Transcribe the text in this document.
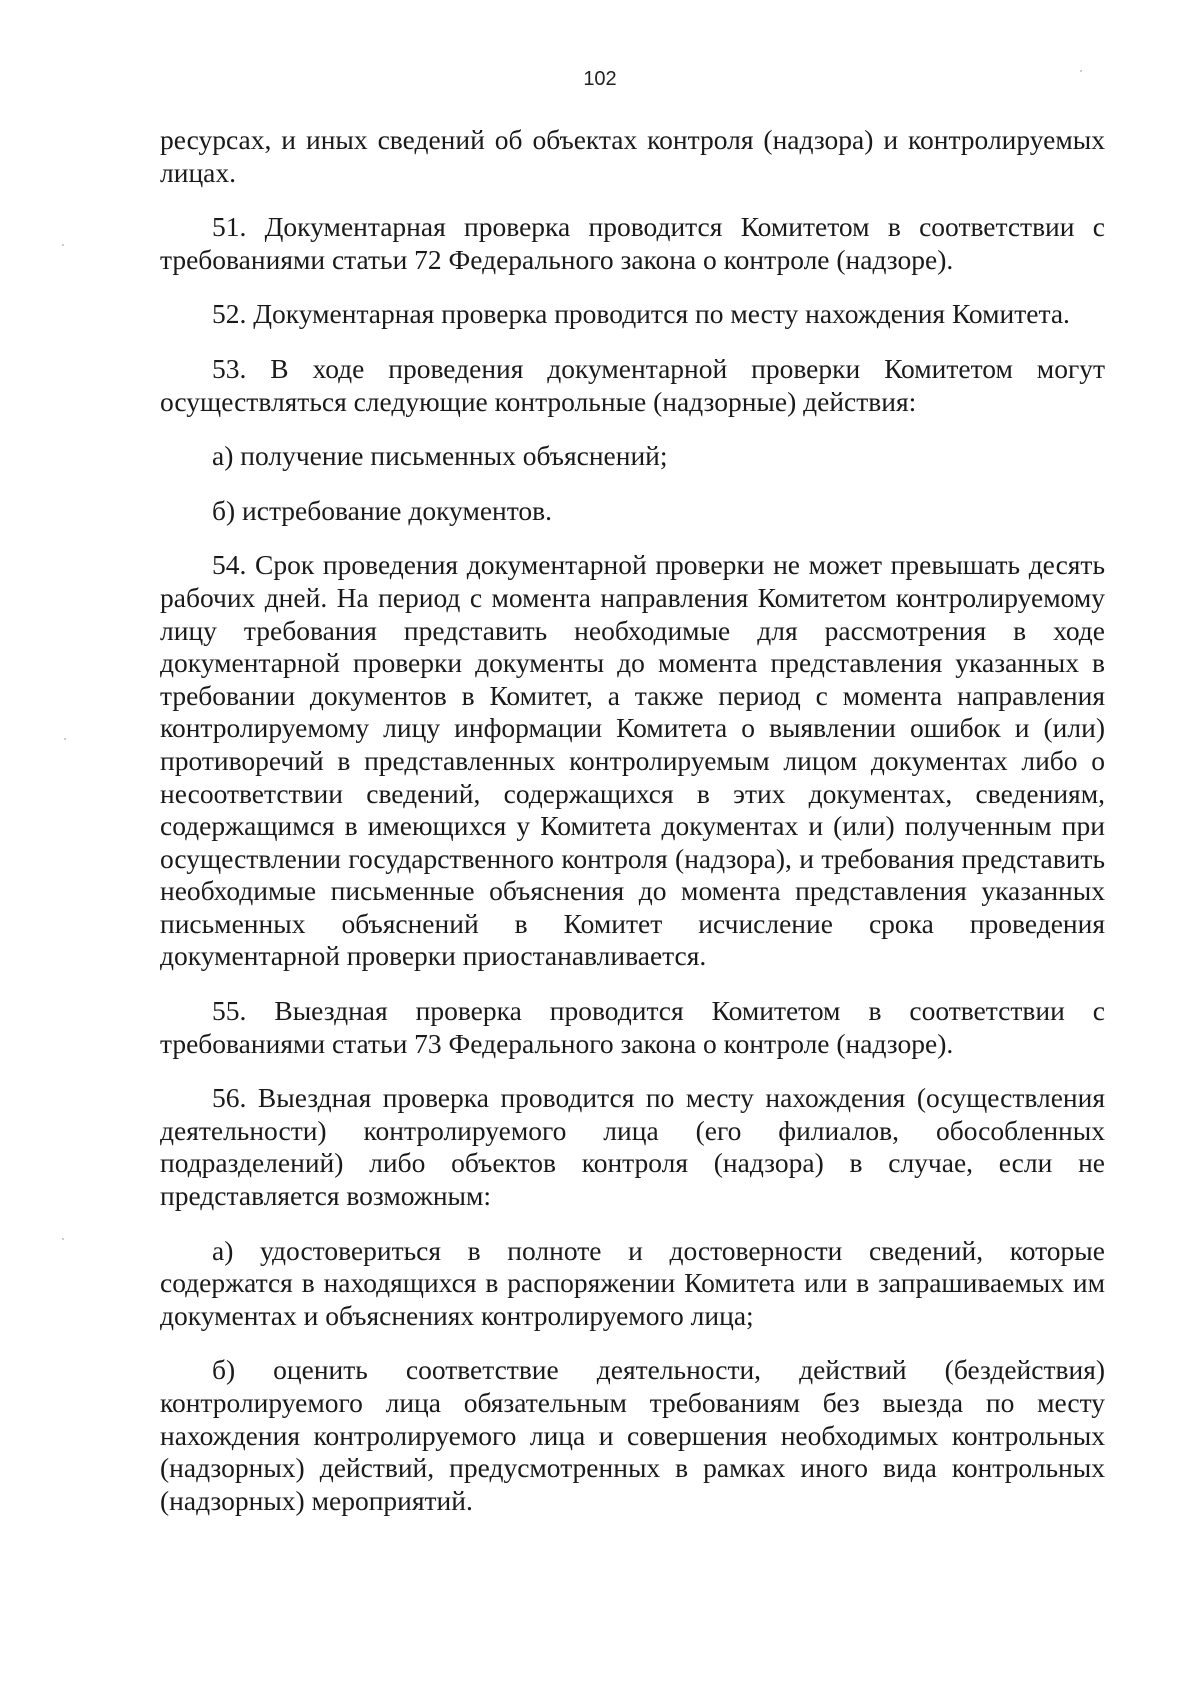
102

ресурсах, и иных сведений об объектах контроля (надзора) и контролируемых лицах.

51. Документарная проверка проводится Комитетом в соответствии с требованиями статьи 72 Федерального закона о контроле (надзоре).

52. Документарная проверка проводится по месту нахождения Комитета.

53. В ходе проведения документарной проверки Комитетом могут осуществляться следующие контрольные (надзорные) действия:

а) получение письменных объяснений;

б) истребование документов.

54. Срок проведения документарной проверки не может превышать десять рабочих дней. На период с момента направления Комитетом контролируемому лицу требования представить необходимые для рассмотрения в ходе документарной проверки документы до момента представления указанных в требовании документов в Комитет, а также период с момента направления контролируемому лицу информации Комитета о выявлении ошибок и (или) противоречий в представленных контролируемым лицом документах либо о несоответствии сведений, содержащихся в этих документах, сведениям, содержащимся в имеющихся у Комитета документах и (или) полученным при осуществлении государственного контроля (надзора), и требования представить необходимые письменные объяснения до момента представления указанных письменных объяснений в Комитет исчисление срока проведения документарной проверки приостанавливается.

55. Выездная проверка проводится Комитетом в соответствии с требованиями статьи 73 Федерального закона о контроле (надзоре).

56. Выездная проверка проводится по месту нахождения (осуществления деятельности) контролируемого лица (его филиалов, обособленных подразделений) либо объектов контроля (надзора) в случае, если не представляется возможным:

а) удостовериться в полноте и достоверности сведений, которые содержатся в находящихся в распоряжении Комитета или в запрашиваемых им документах и объяснениях контролируемого лица;

б) оценить соответствие деятельности, действий (бездействия) контролируемого лица обязательным требованиям без выезда по месту нахождения контролируемого лица и совершения необходимых контрольных (надзорных) действий, предусмотренных в рамках иного вида контрольных (надзорных) мероприятий.
